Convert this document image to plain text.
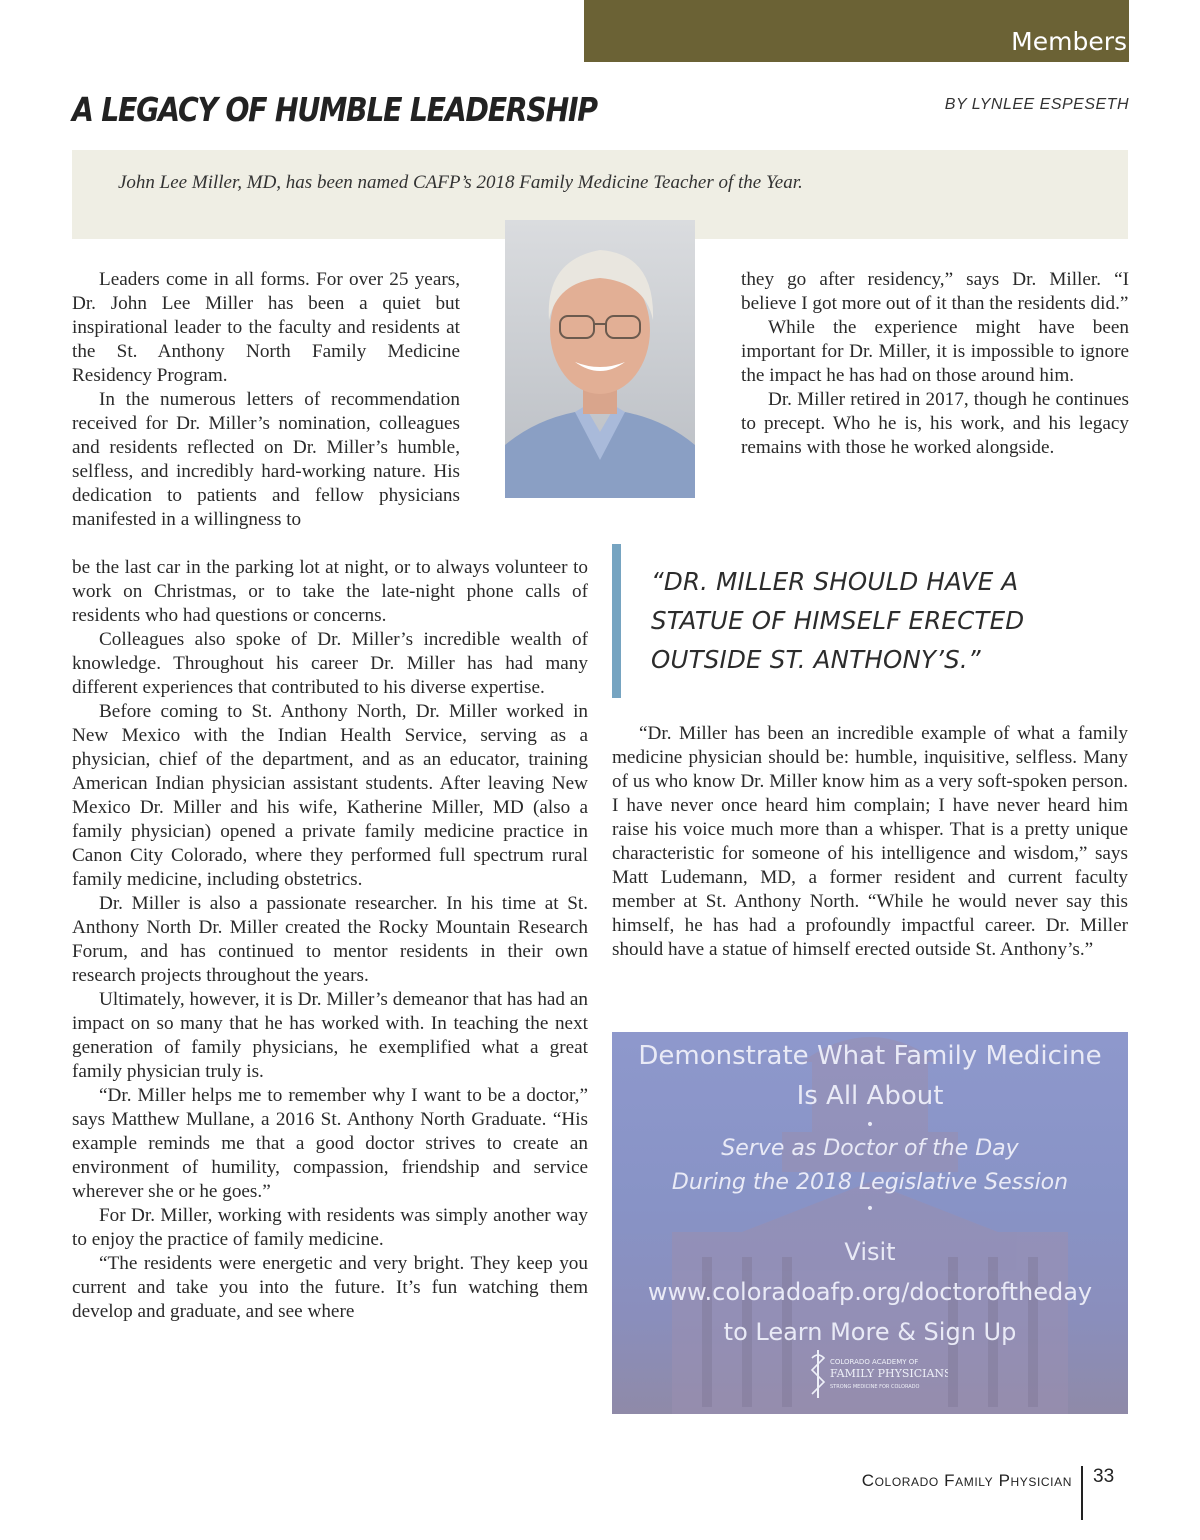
Members
A LEGACY OF HUMBLE LEADERSHIP	BY LYNLEE ESPESETH

John Lee Miller, MD, has been named CAFP’s 2018 Family Medicine Teacher of the Year.

Leaders come in all forms. For over 25 years, Dr. John Lee Miller has been a quiet but inspirational leader to the faculty and residents at the St. Anthony North Family Medicine Residency Program.

In the numerous letters of recommendation received for Dr. Miller’s nomination, colleagues and residents reflected on Dr. Miller’s humble, selfless, and incredibly hard-working nature. His dedication to patients and fellow physicians manifested in a willingness to

be the last car in the parking lot at night, or to always volunteer to work on Christmas, or to take the late-night phone calls of residents who had questions or concerns.

Colleagues also spoke of Dr. Miller’s incredible wealth of knowledge. Throughout his career Dr. Miller has had many different experiences that contributed to his diverse expertise.

Before coming to St. Anthony North, Dr. Miller worked in New Mexico with the Indian Health Service, serving as a physician, chief of the department, and as an educator, training American Indian physician assistant students. After leaving New Mexico Dr. Miller and his wife, Katherine Miller, MD (also a family physician) opened a private family medicine practice in Canon City Colorado, where they performed full spectrum rural family medicine, including obstetrics.

Dr. Miller is also a passionate researcher. In his time at St. Anthony North Dr. Miller created the Rocky Mountain Research Forum, and has continued to mentor residents in their own research projects throughout the years.

Ultimately, however, it is Dr. Miller’s demeanor that has had an impact on so many that he has worked with. In teaching the next generation of family physicians, he exemplified what a great family physician truly is.

“Dr. Miller helps me to remember why I want to be a doctor,” says Matthew Mullane, a 2016 St. Anthony North Graduate. “His example reminds me that a good doctor strives to create an environment of humility, compassion, friendship and service wherever she or he goes.”

For Dr. Miller, working with residents was simply another way to enjoy the practice of family medicine.

“The residents were energetic and very bright. They keep you current and take you into the future. It’s fun watching them develop and graduate, and see where

they go after residency,” says Dr. Miller. “I believe I got more out of it than the residents did.”

While the experience might have been important for Dr. Miller, it is impossible to ignore the impact he has had on those around him.

Dr. Miller retired in 2017, though he continues to precept. Who he is, his work, and his legacy remains with those he worked alongside.

“DR. MILLER SHOULD HAVE A STATUE OF HIMSELF ERECTED OUTSIDE ST. ANTHONY’S.”

“Dr. Miller has been an incredible example of what a family medicine physician should be: humble, inquisitive, selfless. Many of us who know Dr. Miller know him as a very soft-spoken person. I have never once heard him complain; I have never heard him raise his voice much more than a whisper. That is a pretty unique characteristic for someone of his intelligence and wisdom,” says Matt Ludemann, MD, a former resident and current faculty member at St. Anthony North. “While he would never say this himself, he has had a profoundly impactful career. Dr. Miller should have a statue of himself erected outside St. Anthony’s.”

Demonstrate What Family Medicine
Is All About
•
Serve as Doctor of the Day
During the 2018 Legislative Session
•
Visit
www.coloradoafp.org/doctoroftheday
to Learn More & Sign Up
COLORADO ACADEMY OF
FAMILY PHYSICIANS
STRONG MEDICINE FOR COLORADO
Colorado Family Physician 33
